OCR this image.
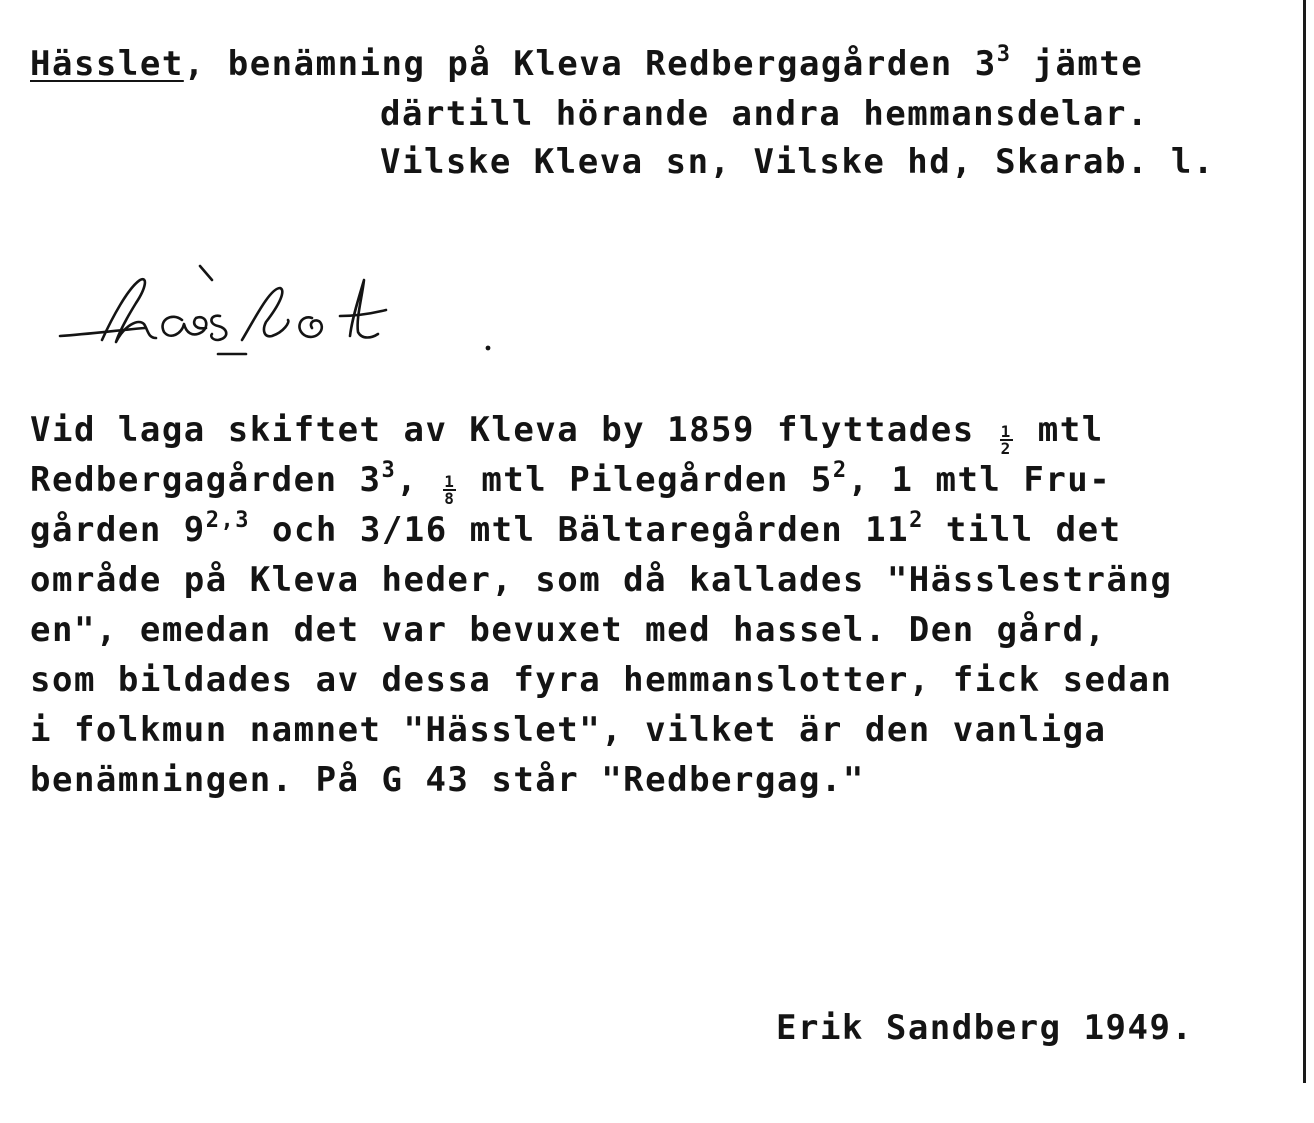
Hässlet, benämning på Kleva Redbergagården $3^3$ jämte
därtill hörande andra hemmansdelar.
Vilske Kleva sn, Vilske hd, Skarab. l.
hæsl̥ət
Vid laga skiftet av Kleva by 1859 flyttades $\frac{1}{2}$ mtl
Redbergagården $3^3$, $\frac{1}{8}$ mtl Pilegården $5^2$, 1 mtl Fru-
gården 9$^{2,3}$ och 3/16 mtl Bältaregården $11^2$ till det
område på Kleva heder, som då kallades "Hässlesträng
en", emedan det var bevuxet med hassel. Den gård,
som bildades av dessa fyra hemmanslotter, fick sedan
i folkmun namnet "Hässlet", vilket är den vanliga
benämningen. På G 43 står "Redbergag."
Erik Sandberg 1949.
